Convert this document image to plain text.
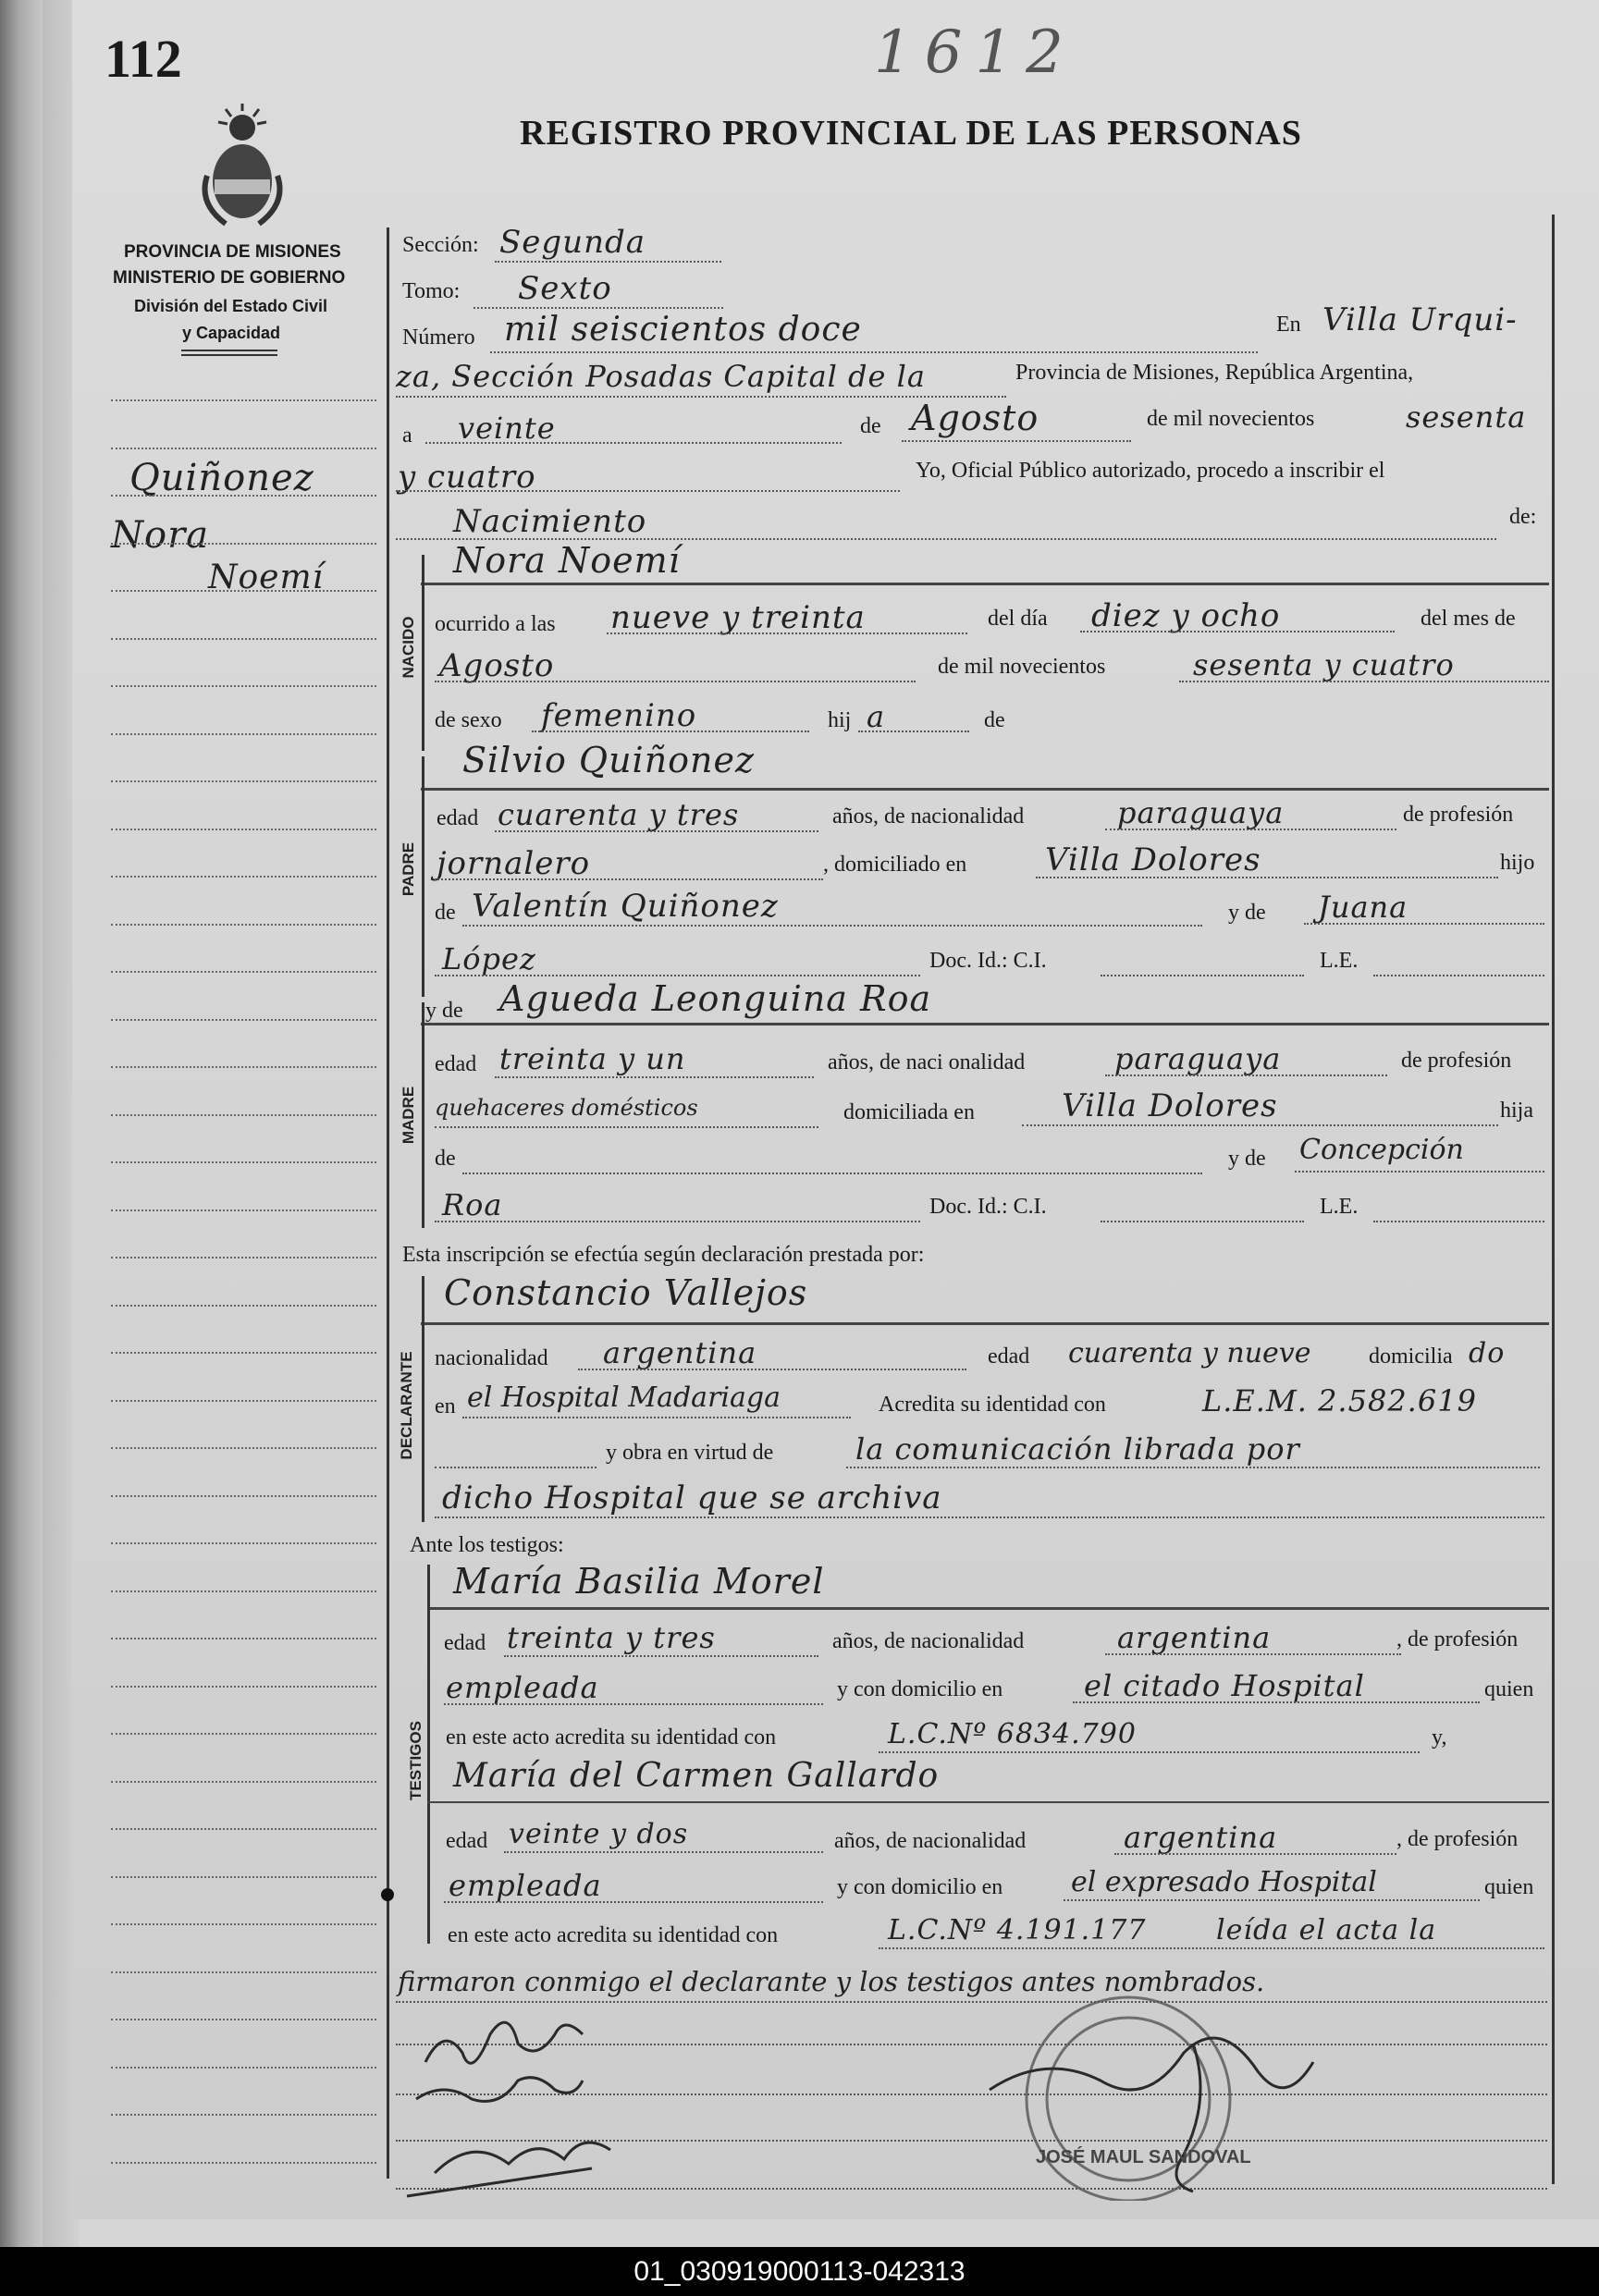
112	1612
PROVINCIA DE MISIONES
MINISTERIO DE GOBIERNO
División del Estado Civil
y Capacidad
REGISTRO PROVINCIAL DE LAS PERSONAS
Quiñonez
Nora
Noemí
Sección: Segunda
Tomo: Sexto
Número mil seiscientos doce	En Villa Urqui-
za, Sección Posadas Capital de la	Provincia de Misiones, República Argentina,
a veinte	de Agosto	de mil novecientos	sesenta
y cuatro	Yo, Oficial Público autorizado, procedo a inscribir el
Nacimiento	de:
NACIDO
Nora Noemí
ocurrido a las nueve y treinta	del día diez y ocho	del mes de
Agosto	de mil novecientos	sesenta y cuatro
de sexo femenino	hij a	de
PADRE
Silvio Quiñonez
edad cuarenta y tres	años, de nacionalidad	paraguaya	de profesión
jornalero	, domiciliado en Villa Dolores	hijo
de Valentín Quiñonez	y de Juana
López	Doc. Id.: C.I.	L.E.
y de
MADRE
Agueda Leonguina Roa
edad treinta y un	años, de naci onalidad	paraguaya	de profesión
quehaceres domésticos	domiciliada en	Villa Dolores	hija
de	y de Concepción
Roa	Doc. Id.: C.I.	L.E.
Esta inscripción se efectúa según declaración prestada por:
DECLARANTE
Constancio Vallejos
nacionalidad argentina	edad cuarenta y nueve	domicilia do
en el Hospital Madariaga	Acredita su identidad con	L.E.M. 2.582.619
y obra en virtud de	la comunicación librada por
dicho Hospital que se archiva
Ante los testigos:
TESTIGOS
María Basilia Morel
edad treinta y tres	años, de nacionalidad	argentina	, de profesión
empleada	y con domicilio en	el citado Hospital	quien
en este acto acredita su identidad con	L.C.Nº 6834.790	y,
María del Carmen Gallardo
edad veinte y dos	años, de nacionalidad	argentina	, de profesión
empleada	y con domicilio en el expresado Hospital	quien
en este acto acredita su identidad con	L.C.Nº 4.191.177	leída el acta la
firmaron conmigo el declarante y los testigos antes nombrados.
JOSÉ MAUL SANDOVAL
01_030919000113-042313
